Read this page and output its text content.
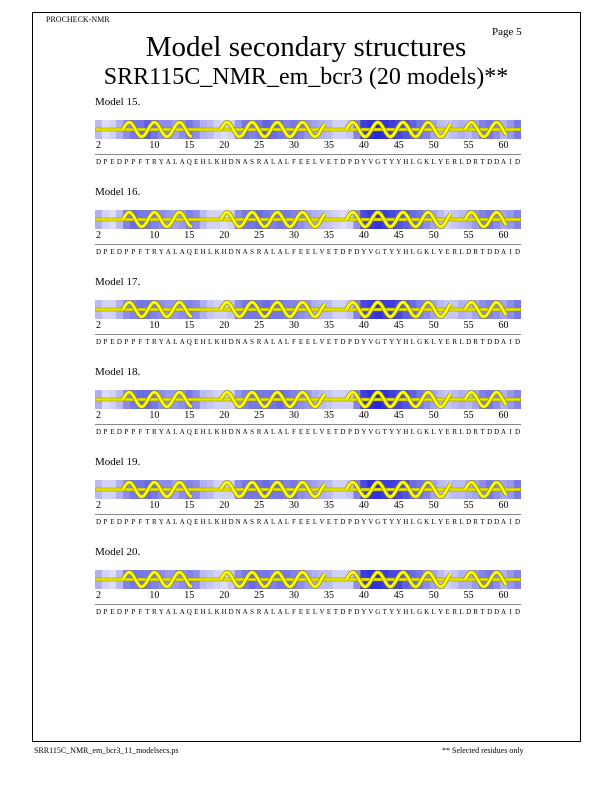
PROCHECK-NMR
Page 5
Model secondary structures
SRR115C_NMR_em_bcr3 (20 models)**
Model 15.
2	10 15 20 25 30	35 40 45 50 55 60
D P E D P P F T R Y A L A Q E H L K H D N A S R A L A L F E E L V E T D P D Y V G T Y Y H L G K L Y E R L D R T D D A I D
Model 16.
2	10 15 20 25 30	35 40 45 50 55 60
D P E D P P F T R Y A L A Q E H L K H D N A S R A L A L F E E L V E T D P D Y V G T Y Y H L G K L Y E R L D R T D D A I D
Model 17.
2	10 15 20 25 30	35 40 45 50 55 60
D P E D P P F T R Y A L A Q E H L K H D N A S R A L A L F E E L V E T D P D Y V G T Y Y H L G K L Y E R L D R T D D A I D
Model 18.
2	10 15 20 25 30	35 40 45 50 55 60
D P E D P P F T R Y A L A Q E H L K H D N A S R A L A L F E E L V E T D P D Y V G T Y Y H L G K L Y E R L D R T D D A I D
Model 19.
2	10 15 20 25 30	35 40 45 50 55 60
D P E D P P F T R Y A L A Q E H L K H D N A S R A L A L F E E L V E T D P D Y V G T Y Y H L G K L Y E R L D R T D D A I D
Model 20.
2	10 15 20 25 30	35 40 45 50 55 60
D P E D P P F T R Y A L A Q E H L K H D N A S R A L A L F E E L V E T D P D Y V G T Y Y H L G K L Y E R L D R T D D A I D
SRR115C_NMR_em_bcr3_11_modelsecs.ps	** Selected residues only
